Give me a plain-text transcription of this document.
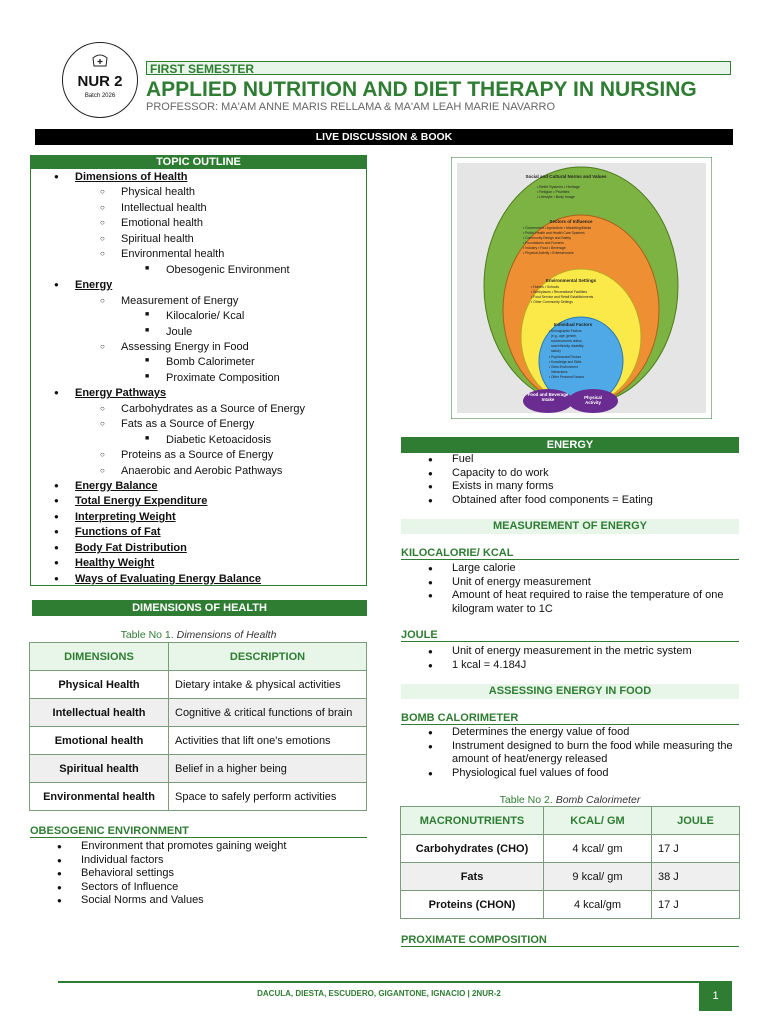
NUR 2
Batch 2026
FIRST SEMESTER
APPLIED NUTRITION AND DIET THERAPY IN NURSING
PROFESSOR: MA'AM ANNE MARIS RELLAMA & MA'AM LEAH MARIE NAVARRO
LIVE DISCUSSION & BOOK
TOPIC OUTLINE
● Dimensions of Health
○ Physical health
○ Intellectual health
○ Emotional health
○ Spiritual health
○ Environmental health
■ Obesogenic Environment
● Energy
○ Measurement of Energy
■ Kilocalorie/ Kcal
■ Joule
○ Assessing Energy in Food
■ Bomb Calorimeter
■ Proximate Composition
● Energy Pathways
○ Carbohydrates as a Source of Energy
○ Fats as a Source of Energy
■ Diabetic Ketoacidosis
○ Proteins as a Source of Energy
○ Anaerobic and Aerobic Pathways
● Energy Balance
● Total Energy Expenditure
● Interpreting Weight
● Functions of Fat
● Body Fat Distribution
● Healthy Weight
● Ways of Evaluating Energy Balance
DIMENSIONS OF HEALTH
Table No 1. Dimensions of Health
DIMENSIONS	DESCRIPTION
Physical Health	Dietary intake & physical activities
Intellectual health	Cognitive & critical functions of brain
Emotional health	Activities that lift one's emotions
Spiritual health	Belief in a higher being
Environmental health	Space to safely perform activities
OBESOGENIC ENVIRONMENT
● Environment that promotes gaining weight
● Individual factors
● Behavioral settings
● Sectors of Influence
● Social Norms and Values
Social and Cultural Norms and Values
• Belief Systems • Heritage
• Religion • Priorities
• Lifestyle • Body Image
Sectors of Influence
• Government • Agriculture • Marketing/Media
• Public Health and Health Care Systems
• Community Design and Safety
• Foundations and Funders
• Industry • Food • Beverage
• Physical Activity • Entertainment
Environmental Settings
• Homes • Schools
• Workplaces • Recreational Facilities
• Food Service and Retail Establishments
• Other Community Settings
Individual Factors
• Demographic Factors
(e.g., age, gender,
socioeconomic status,
race/ethnicity, disability
status)
• Psychosocial Factors
• Knowledge and Skills
• Gene-Environment
Interactions
• Other Personal Factors
Food and Beverage Intake	Physical Activity
ENERGY
● Fuel
● Capacity to do work
● Exists in many forms
● Obtained after food components = Eating
MEASUREMENT OF ENERGY
KILOCALORIE/ KCAL
● Large calorie
● Unit of energy measurement
● Amount of heat required to raise the temperature of one kilogram water to 1C
JOULE
● Unit of energy measurement in the metric system
● 1 kcal = 4.184J
ASSESSING ENERGY IN FOOD
BOMB CALORIMETER
● Determines the energy value of food
● Instrument designed to burn the food while measuring the amount of heat/energy released
● Physiological fuel values of food
Table No 2. Bomb Calorimeter
MACRONUTRIENTS	KCAL/ GM	JOULE
Carbohydrates (CHO)	4 kcal/ gm	17 J
Fats	9 kcal/ gm	38 J
Proteins (CHON)	4 kcal/gm	17 J
PROXIMATE COMPOSITION
DACULA, DIESTA, ESCUDERO, GIGANTONE, IGNACIO | 2NUR-2	1
